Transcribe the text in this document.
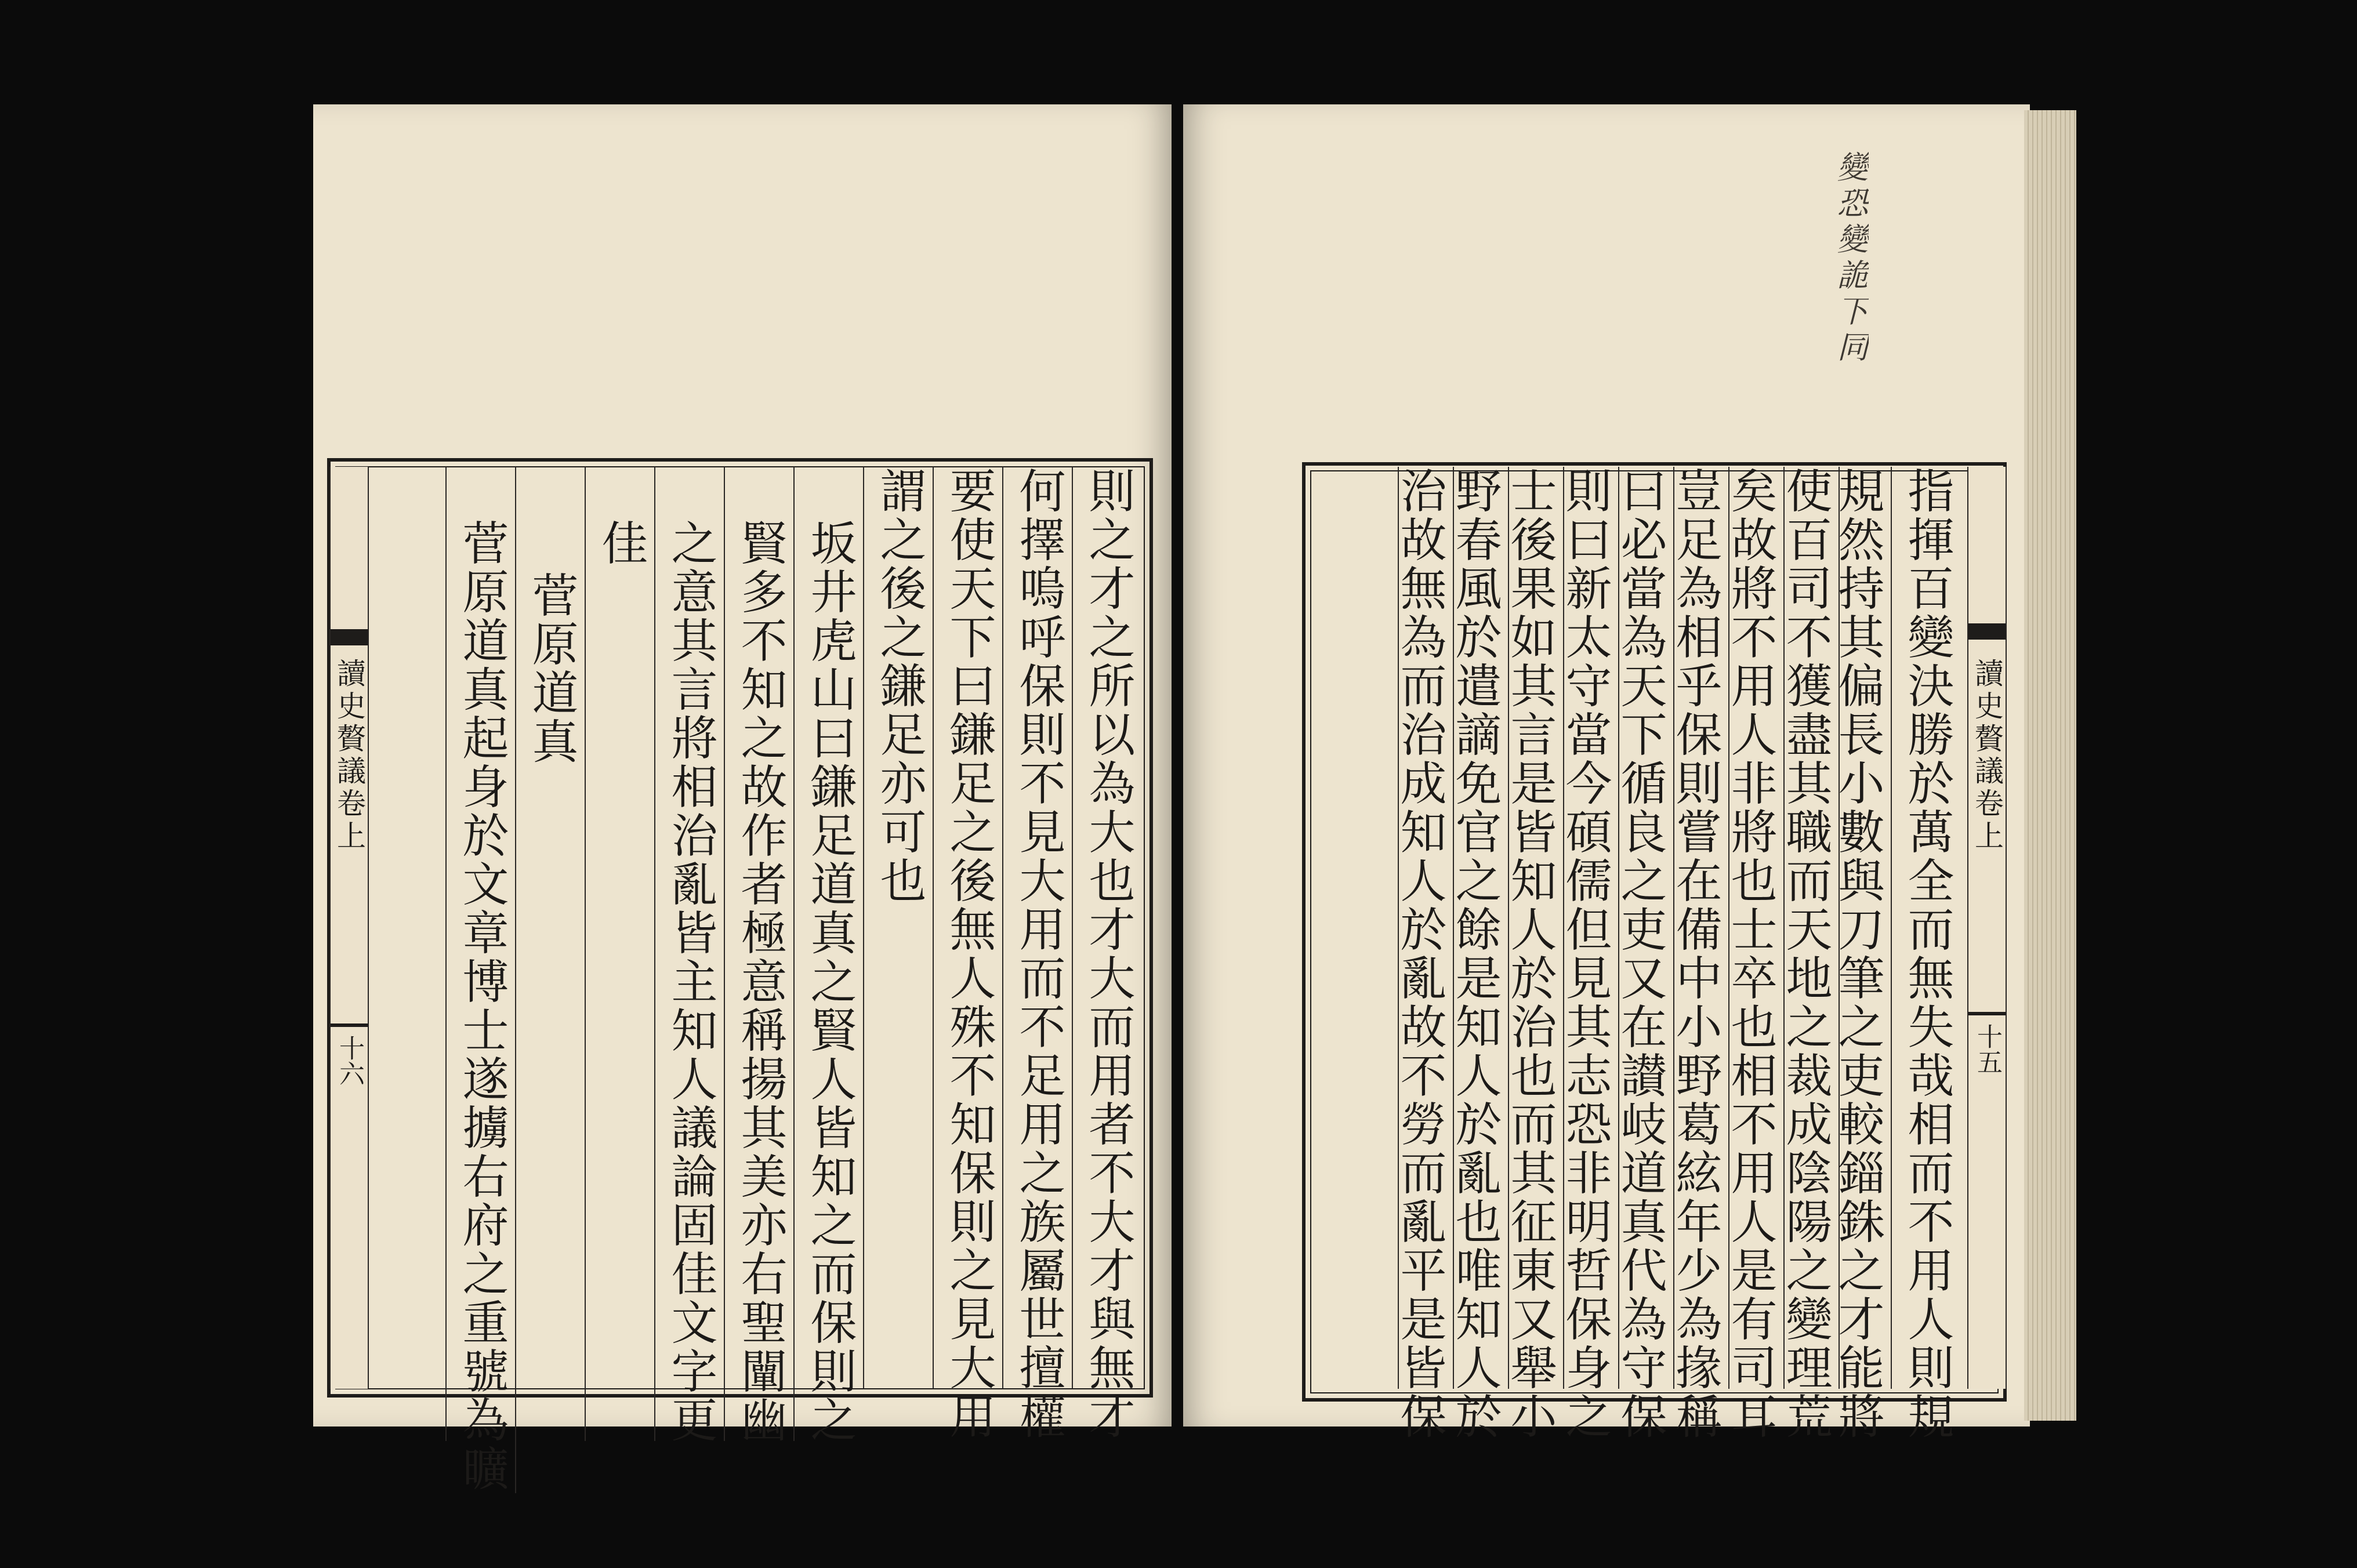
變恐變詭下同
則之才之所以為大也才大而用者不大才與無才
何擇嗚呼保則不見大用而不足用之族屬世擅權
要使天下曰鎌足之後無人殊不知保則之見大用
謂之後之鎌足亦可也
坂井虎山曰鎌足道真之賢人皆知之而保則之
賢多不知之故作者極意稱揚其美亦右聖闡幽
之意其言將相治亂皆主知人議論固佳文字更
佳
菅原道真
菅原道真起身於文章博士遂擄右府之重號為曠
讀史贅議卷上
十六	指揮百變決勝於萬全而無失哉相而不用人則規
規然持其偏長小數與刀筆之吏較錙銖之才能將
使百司不獲盡其職而天地之裁成陰陽之變理荒
矣故將不用人非將也士卒也相不用人是有司耳
豈足為相乎保則嘗在備中小野葛絃年少為掾稱
曰必當為天下循良之吏又在讃岐道真代為守保
則曰新太守當今碩儒但見其志恐非明哲保身之
士後果如其言是皆知人於治也而其征東又舉小
野春風於遣謫免官之餘是知人於亂也唯知人於
治故無為而治成知人於亂故不勞而亂平是皆保	讀史贅議卷上
十五
